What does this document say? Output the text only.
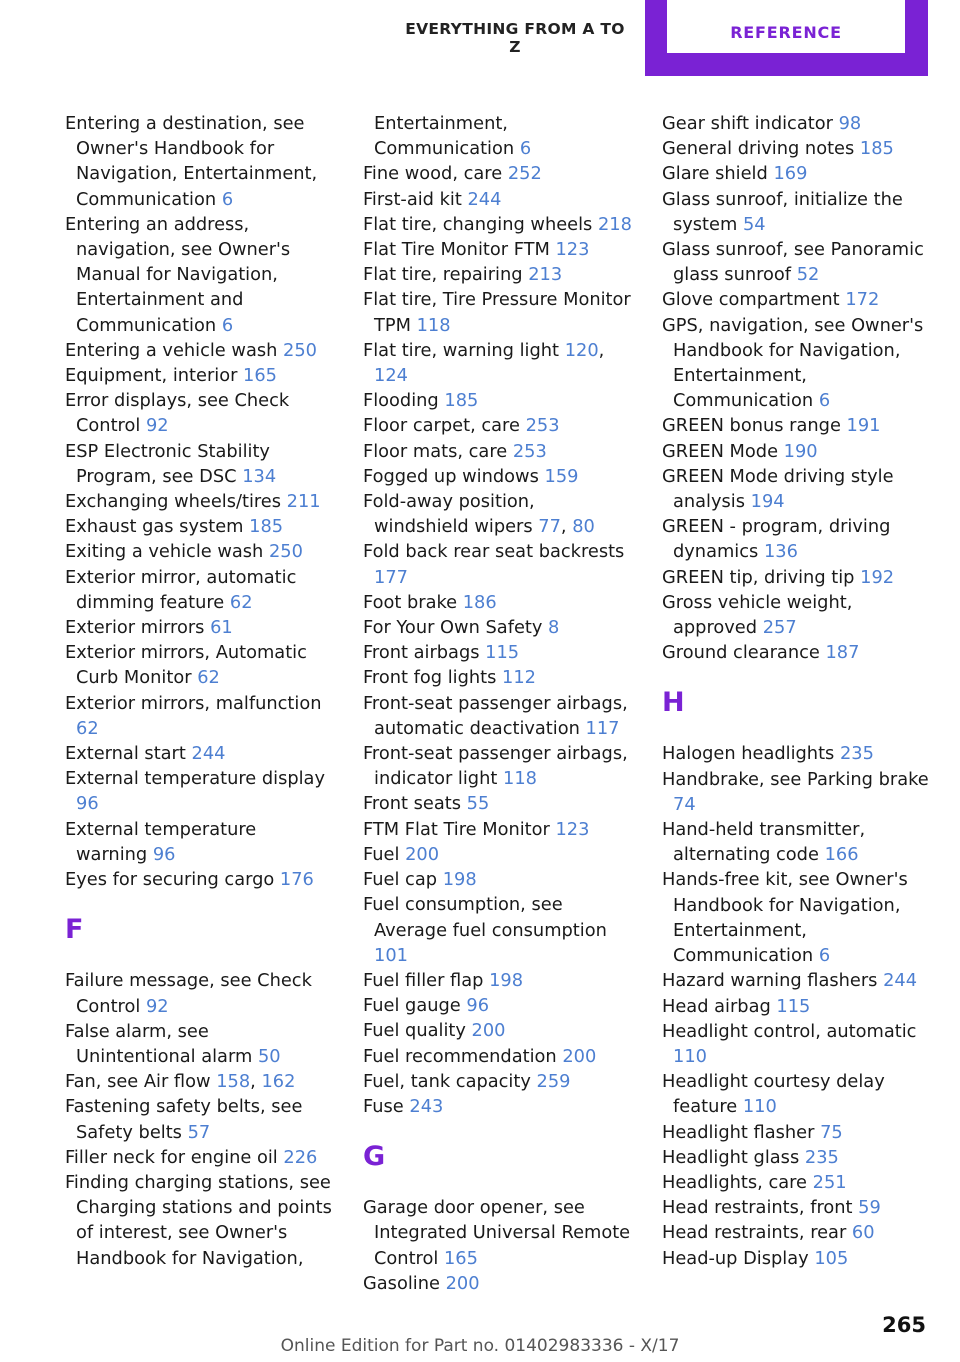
EVERYTHING FROM A TO Z
REFERENCE
Entering a destination, see Owner's Handbook for Navigation, Entertainment, Communication 6
Entering an address, navigation, see Owner's Manual for Navigation, Entertainment and Communication 6
Entering a vehicle wash 250
Equipment, interior 165
Error displays, see Check Control 92
ESP Electronic Stability Program, see DSC 134
Exchanging wheels/tires 211
Exhaust gas system 185
Exiting a vehicle wash 250
Exterior mirror, automatic dimming feature 62
Exterior mirrors 61
Exterior mirrors, Automatic Curb Monitor 62
Exterior mirrors, malfunction 62
External start 244
External temperature display 96
External temperature warning 96
Eyes for securing cargo 176
F
Failure message, see Check Control 92
False alarm, see Unintentional alarm 50
Fan, see Air flow 158, 162
Fastening safety belts, see Safety belts 57
Filler neck for engine oil 226
Finding charging stations, see Charging stations and points of interest, see Owner's Handbook for Navigation,
Entertainment, Communication 6
Fine wood, care 252
First-aid kit 244
Flat tire, changing wheels 218
Flat Tire Monitor FTM 123
Flat tire, repairing 213
Flat tire, Tire Pressure Monitor TPM 118
Flat tire, warning light 120, 124
Flooding 185
Floor carpet, care 253
Floor mats, care 253
Fogged up windows 159
Fold-away position, windshield wipers 77, 80
Fold back rear seat backrests 177
Foot brake 186
For Your Own Safety 8
Front airbags 115
Front fog lights 112
Front-seat passenger airbags, automatic deactivation 117
Front-seat passenger airbags, indicator light 118
Front seats 55
FTM Flat Tire Monitor 123
Fuel 200
Fuel cap 198
Fuel consumption, see Average fuel consumption 101
Fuel filler flap 198
Fuel gauge 96
Fuel quality 200
Fuel recommendation 200
Fuel, tank capacity 259
Fuse 243
G
Garage door opener, see Integrated Universal Remote Control 165
Gasoline 200
Gear shift indicator 98
General driving notes 185
Glare shield 169
Glass sunroof, initialize the system 54
Glass sunroof, see Panoramic glass sunroof 52
Glove compartment 172
GPS, navigation, see Owner's Handbook for Navigation, Entertainment, Communication 6
GREEN bonus range 191
GREEN Mode 190
GREEN Mode driving style analysis 194
GREEN - program, driving dynamics 136
GREEN tip, driving tip 192
Gross vehicle weight, approved 257
Ground clearance 187
H
Halogen headlights 235
Handbrake, see Parking brake 74
Hand-held transmitter, alternating code 166
Hands-free kit, see Owner's Handbook for Navigation, Entertainment, Communication 6
Hazard warning flashers 244
Head airbag 115
Headlight control, automatic 110
Headlight courtesy delay feature 110
Headlight flasher 75
Headlight glass 235
Headlights, care 251
Head restraints, front 59
Head restraints, rear 60
Head-up Display 105
265
Online Edition for Part no. 01402983336 - X/17
